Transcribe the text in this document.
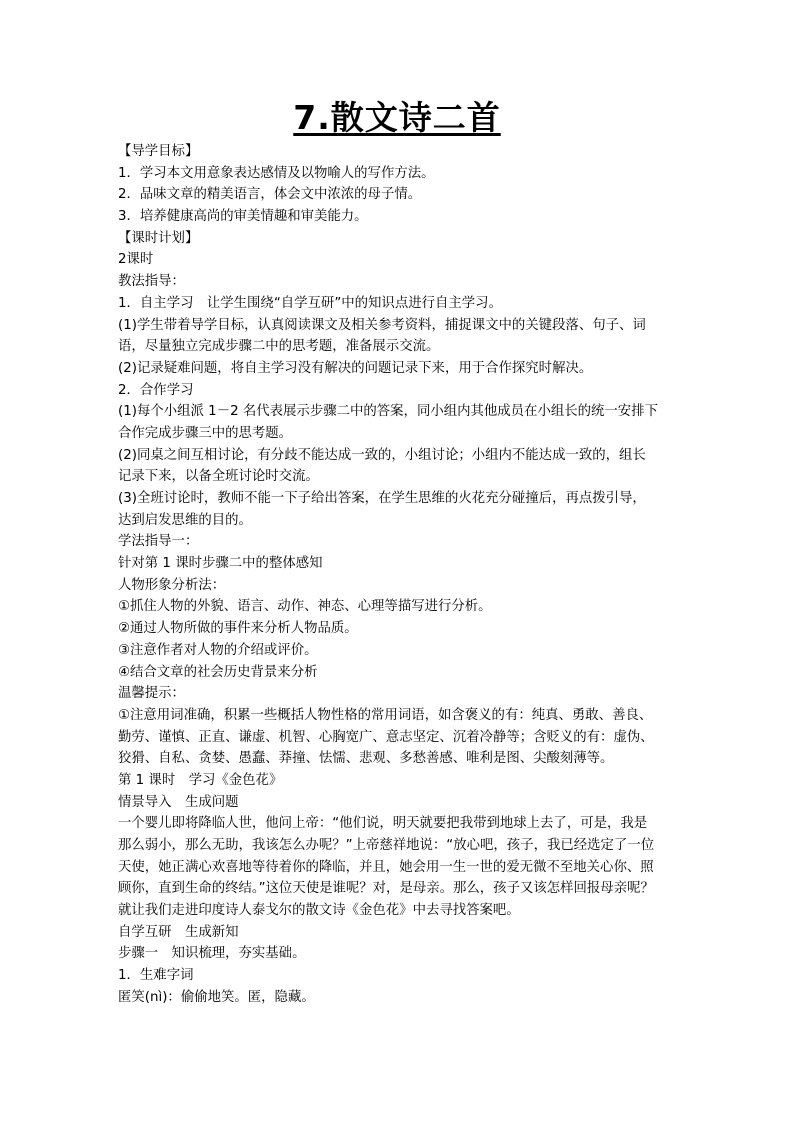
7.散文诗二首
【导学目标】
1．学习本文用意象表达感情及以物喻人的写作方法。
2．品味文章的精美语言，体会文中浓浓的母子情。
3．培养健康高尚的审美情趣和审美能力。
【课时计划】
2课时
教法指导：
1．自主学习　让学生围绕“自学互研”中的知识点进行自主学习。
(1)学生带着导学目标，认真阅读课文及相关参考资料，捕捉课文中的关键段落、句子、词
语，尽量独立完成步骤二中的思考题，准备展示交流。
(2)记录疑难问题，将自主学习没有解决的问题记录下来，用于合作探究时解决。
2．合作学习
(1)每个小组派 1－2 名代表展示步骤二中的答案，同小组内其他成员在小组长的统一安排下
合作完成步骤三中的思考题。
(2)同桌之间互相讨论，有分歧不能达成一致的，小组讨论；小组内不能达成一致的，组长
记录下来，以备全班讨论时交流。
(3)全班讨论时，教师不能一下子给出答案，在学生思维的火花充分碰撞后，再点拨引导，
达到启发思维的目的。
学法指导一：
针对第 1 课时步骤二中的整体感知
人物形象分析法：
①抓住人物的外貌、语言、动作、神态、心理等描写进行分析。
②通过人物所做的事件来分析人物品质。
③注意作者对人物的介绍或评价。
④结合文章的社会历史背景来分析
温馨提示：
①注意用词准确，积累一些概括人物性格的常用词语，如含褒义的有：纯真、勇敢、善良、
勤劳、谨慎、正直、谦虚、机智、心胸宽广、意志坚定、沉着冷静等；含贬义的有：虚伪、
狡猾、自私、贪婪、愚蠢、莽撞、怯懦、悲观、多愁善感、唯利是图、尖酸刻薄等。
第 1 课时　学习《金色花》
情景导入　生成问题
一个婴儿即将降临人世，他问上帝：“他们说，明天就要把我带到地球上去了，可是，我是
那么弱小，那么无助，我该怎么办呢？”上帝慈祥地说：“放心吧，孩子，我已经选定了一位
天使，她正满心欢喜地等待着你的降临，并且，她会用一生一世的爱无微不至地关心你、照
顾你，直到生命的终结。”这位天使是谁呢？对，是母亲。那么，孩子又该怎样回报母亲呢？
就让我们走进印度诗人泰戈尔的散文诗《金色花》中去寻找答案吧。
自学互研　生成新知
步骤一　知识梳理，夯实基础。
1．生难字词
匿笑(nì)：偷偷地笑。匿，隐藏。
